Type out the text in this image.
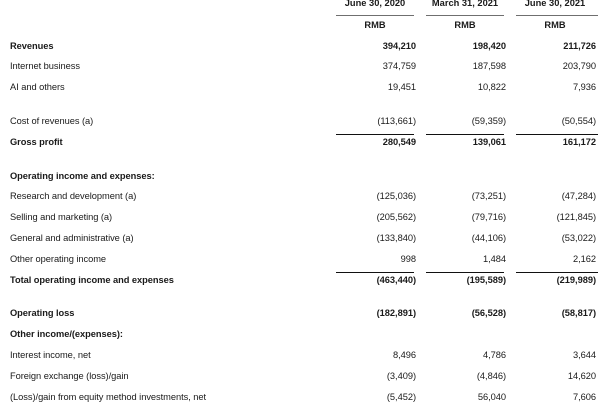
	June 30, 2020	March 31, 2021	June 30, 2021

	RMB	RMB	RMB

Revenues	394,210	198,420	211,726

Internet business	374,759	187,598	203,790

AI and others	19,451	10,822	7,936

Cost of revenues (a)	(113,661)	(59,359)	(50,554)

Gross profit	280,549	139,061	161,172

Operating income and expenses:			

Research and development (a)	(125,036)	(73,251)	(47,284)

Selling and marketing (a)	(205,562)	(79,716)	(121,845)

General and administrative (a)	(133,840)	(44,106)	(53,022)

Other operating income	998	1,484	2,162

Total operating income and expenses	(463,440)	(195,589)	(219,989)

Operating loss	(182,891)	(56,528)	(58,817)

Other income/(expenses):			

Interest income, net	8,496	4,786	3,644

Foreign exchange (loss)/gain	(3,409)	(4,846)	14,620

(Loss)/gain from equity method investments, net	(5,452)	56,040	7,606
